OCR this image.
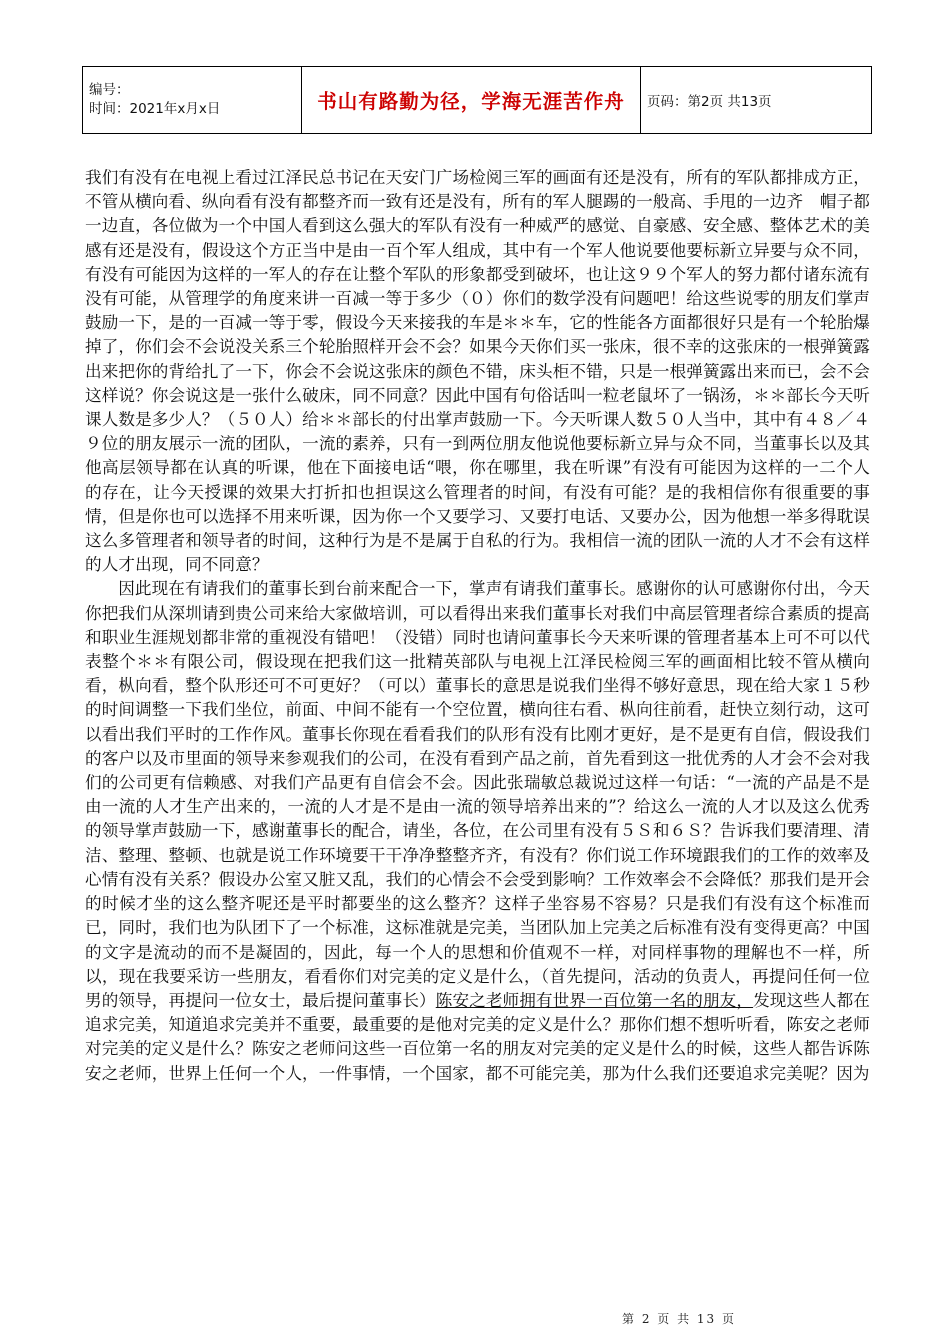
编号：
时间：2021年x月x日	书山有路勤为径，学海无涯苦作舟	页码：第2页 共13页

我们有没有在电视上看过江泽民总书记在天安门广场检阅三军的画面有还是没有，所有的军队都排成方正，不管从横向看、纵向看有没有都整齐而一致有还是没有，所有的军人腿踢的一般高、手甩的一边齐　帽子都一边直，各位做为一个中国人看到这么强大的军队有没有一种威严的感觉、自豪感、安全感、整体艺术的美感有还是没有，假设这个方正当中是由一百个军人组成，其中有一个军人他说要他要标新立异要与众不同，有没有可能因为这样的一军人的存在让整个军队的形象都受到破坏，也让这９９个军人的努力都付诸东流有没有可能，从管理学的角度来讲一百减一等于多少（０）你们的数学没有问题吧！给这些说零的朋友们掌声鼓励一下，是的一百减一等于零，假设今天来接我的车是＊＊车，它的性能各方面都很好只是有一个轮胎爆掉了，你们会不会说没关系三个轮胎照样开会不会？如果今天你们买一张床，很不幸的这张床的一根弹簧露出来把你的背给扎了一下，你会不会说这张床的颜色不错，床头柜不错，只是一根弹簧露出来而已，会不会这样说？你会说这是一张什么破床，同不同意？因此中国有句俗话叫一粒老鼠坏了一锅汤，＊＊部长今天听课人数是多少人？（５０人）给＊＊部长的付出掌声鼓励一下。今天听课人数５０人当中，其中有４８／４９位的朋友展示一流的团队，一流的素养，只有一到两位朋友他说他要标新立异与众不同，当董事长以及其他高层领导都在认真的听课，他在下面接电话“喂，你在哪里，我在听课”有没有可能因为这样的一二个人的存在，让今天授课的效果大打折扣也担误这么管理者的时间，有没有可能？是的我相信你有很重要的事情，但是你也可以选择不用来听课，因为你一个又要学习、又要打电话、又要办公，因为他想一举多得耽误这么多管理者和领导者的时间，这种行为是不是属于自私的行为。我相信一流的团队一流的人才不会有这样的人才出现，同不同意？

因此现在有请我们的董事长到台前来配合一下，掌声有请我们董事长。感谢你的认可感谢你付出，今天你把我们从深圳请到贵公司来给大家做培训，可以看得出来我们董事长对我们中高层管理者综合素质的提高和职业生涯规划都非常的重视没有错吧！（没错）同时也请问董事长今天来听课的管理者基本上可不可以代表整个＊＊有限公司，假设现在把我们这一批精英部队与电视上江泽民检阅三军的画面相比较不管从横向看，枞向看，整个队形还可不可更好？（可以）董事长的意思是说我们坐得不够好意思，现在给大家１５秒的时间调整一下我们坐位，前面、中间不能有一个空位置，横向往右看、枞向往前看，赶快立刻行动，这可以看出我们平时的工作作风。董事长你现在看看我们的队形有没有比刚才更好，是不是更有自信，假设我们的客户以及市里面的领导来参观我们的公司，在没有看到产品之前，首先看到这一批优秀的人才会不会对我们的公司更有信赖感、对我们产品更有自信会不会。因此张瑞敏总裁说过这样一句话：“一流的产品是不是由一流的人才生产出来的，一流的人才是不是由一流的领导培养出来的”？给这么一流的人才以及这么优秀的领导掌声鼓励一下，感谢董事长的配合，请坐，各位，在公司里有没有５Ｓ和６Ｓ？告诉我们要清理、清洁、整理、整顿、也就是说工作环境要干干净净整整齐齐，有没有？你们说工作环境跟我们的工作的效率及心情有没有关系？假设办公室又脏又乱，我们的心情会不会受到影响？工作效率会不会降低？那我们是开会的时候才坐的这么整齐呢还是平时都要坐的这么整齐？这样子坐容易不容易？只是我们有没有这个标准而已，同时，我们也为队团下了一个标准，这标准就是完美，当团队加上完美之后标准有没有变得更高？中国的文字是流动的而不是凝固的，因此，每一个人的思想和价值观不一样，对同样事物的理解也不一样，所以，现在我要采访一些朋友，看看你们对完美的定义是什么，（首先提问，活动的负责人，再提问任何一位男的领导，再提问一位女士，最后提问董事长）陈安之老师拥有世界一百位第一名的朋友，发现这些人都在追求完美，知道追求完美并不重要，最重要的是他对完美的定义是什么？那你们想不想听听看，陈安之老师对完美的定义是什么？陈安之老师问这些一百位第一名的朋友对完美的定义是什么的时候，这些人都告诉陈安之老师，世界上任何一个人，一件事情，一个国家，都不可能完美，那为什么我们还要追求完美呢？因为

第 2 页 共 13 页
